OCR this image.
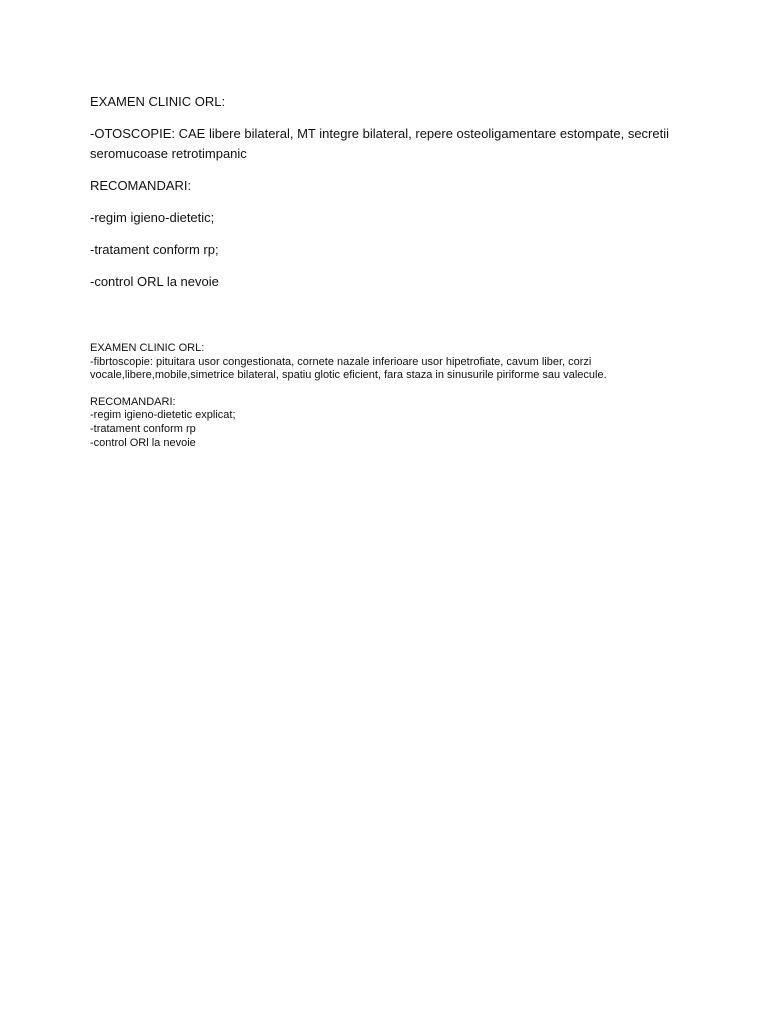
EXAMEN CLINIC ORL:

-OTOSCOPIE: CAE libere bilateral, MT integre bilateral, repere osteoligamentare estompate, secretii seromucoase retrotimpanic

RECOMANDARI:

-regim igieno-dietetic;

-tratament conform rp;

-control ORL la nevoie

EXAMEN CLINIC ORL:

-fibrtoscopie: pituitara usor congestionata, cornete nazale inferioare usor hipetrofiate, cavum liber, corzi vocale,libere,mobile,simetrice bilateral, spatiu glotic eficient, fara staza in sinusurile piriforme sau valecule.

RECOMANDARI:

-regim igieno-dietetic explicat;

-tratament conform rp

-control ORl la nevoie
